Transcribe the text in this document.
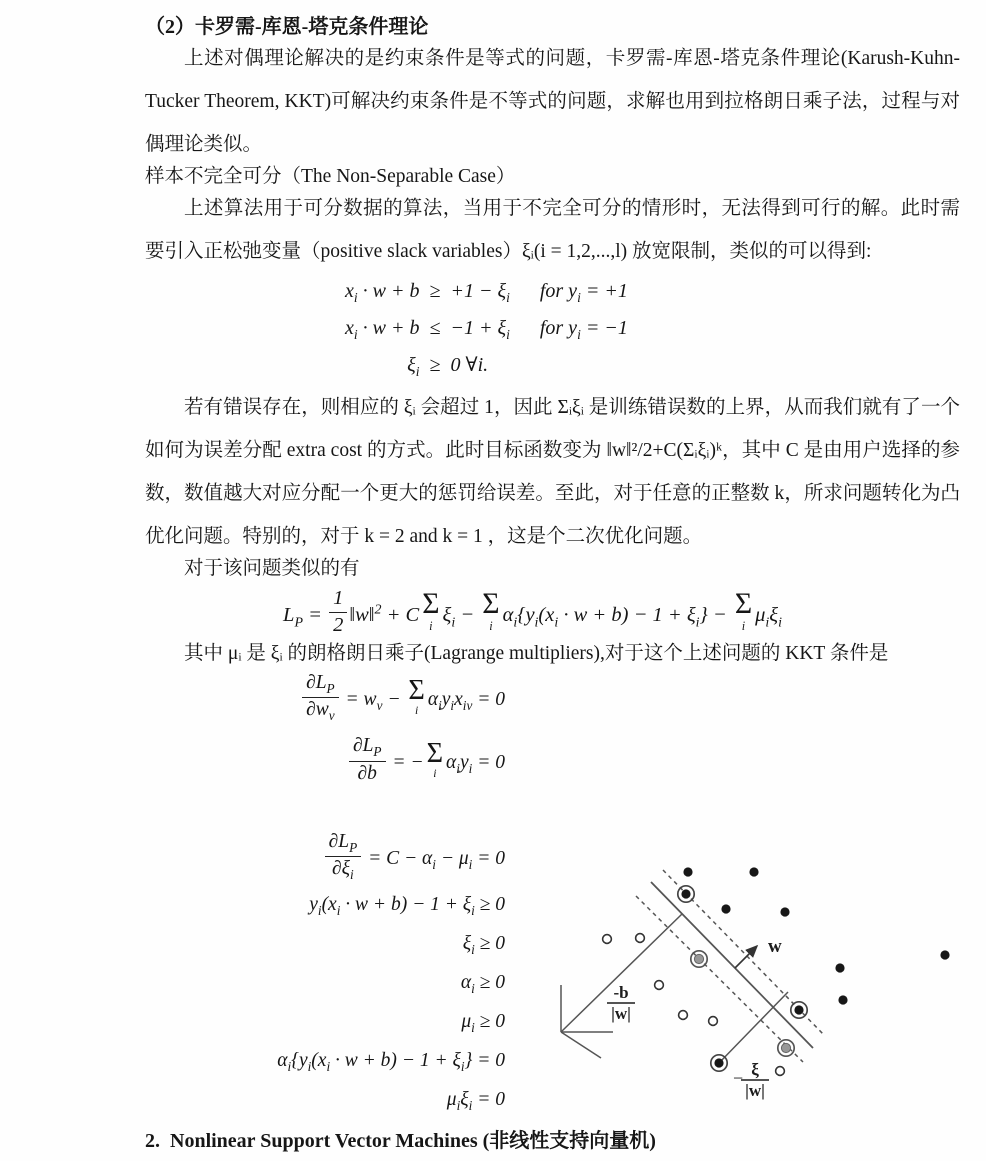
（2）卡罗需-库恩-塔克条件理论

上述对偶理论解决的是约束条件是等式的问题，卡罗需-库恩-塔克条件理论(Karush-Kuhn-Tucker Theorem, KKT)可解决约束条件是不等式的问题，求解也用到拉格朗日乘子法，过程与对偶理论类似。

样本不完全可分（The Non-Separable Case）

上述算法用于可分数据的算法，当用于不完全可分的情形时，无法得到可行的解。此时需要引入正松弛变量（positive slack variables）ξᵢ(i = 1,2,...,l) 放宽限制，类似的可以得到:

$x_i \cdot w + b \ge +1 - \xi_i$	for $y_i = +1$
$x_i \cdot w + b \le -1 + \xi_i$	for $y_i = -1$
$\xi_i \ge 0$ ∀i.

若有错误存在，则相应的 ξᵢ 会超过 1，因此 Σᵢξᵢ 是训练错误数的上界，从而我们就有了一个如何为误差分配 extra cost 的方式。此时目标函数变为 ‖w‖²/2+C(Σᵢξᵢ)ᵏ，其中 C 是由用户选择的参数，数值越大对应分配一个更大的惩罚给误差。至此，对于任意的正整数 k，所求问题转化为凸优化问题。特别的，对于 k = 2 and k = 1 ，这是个二次优化问题。

对于该问题类似的有

$L_P = \frac{1}{2}$ ‖w‖$^2$ + C Σ
i $\xi_i - \Sigma$
i $\alpha_i\{y_i(x_i \cdot w + b) - 1 + \xi_i\} - \Sigma$
i $\mu_i\xi_i$

其中 μᵢ 是 ξᵢ 的朗格朗日乘子(Lagrange multipliers),对于这个上述问题的 KKT 条件是

$\frac{\partial L_P}{\partial w_\nu} = w_\nu - \Sigma$
i
$\alpha_iy_ix_{i\nu} = 0$
$\frac{\partial L_P}{\partial b}$ = − Σ
i
$\alpha_iy_i = 0$
$\frac{\partial L_P}{\partial\xi_i} = C - \alpha_i - \mu_i = 0$
$y_i(x_i \cdot w + b) - 1 + \xi_i \ge 0$
$\xi_i \ge 0$
$\alpha_i \ge 0$
$\mu_i \ge 0$
$\alpha_i\{y_i(x_i \cdot w + b) - 1 + \xi_i\} = 0$
$\mu_i\xi_i = 0$
w
-b
|w|
ξ
|w|
−
2.  Nonlinear Support Vector Machines (非线性支持向量机)
